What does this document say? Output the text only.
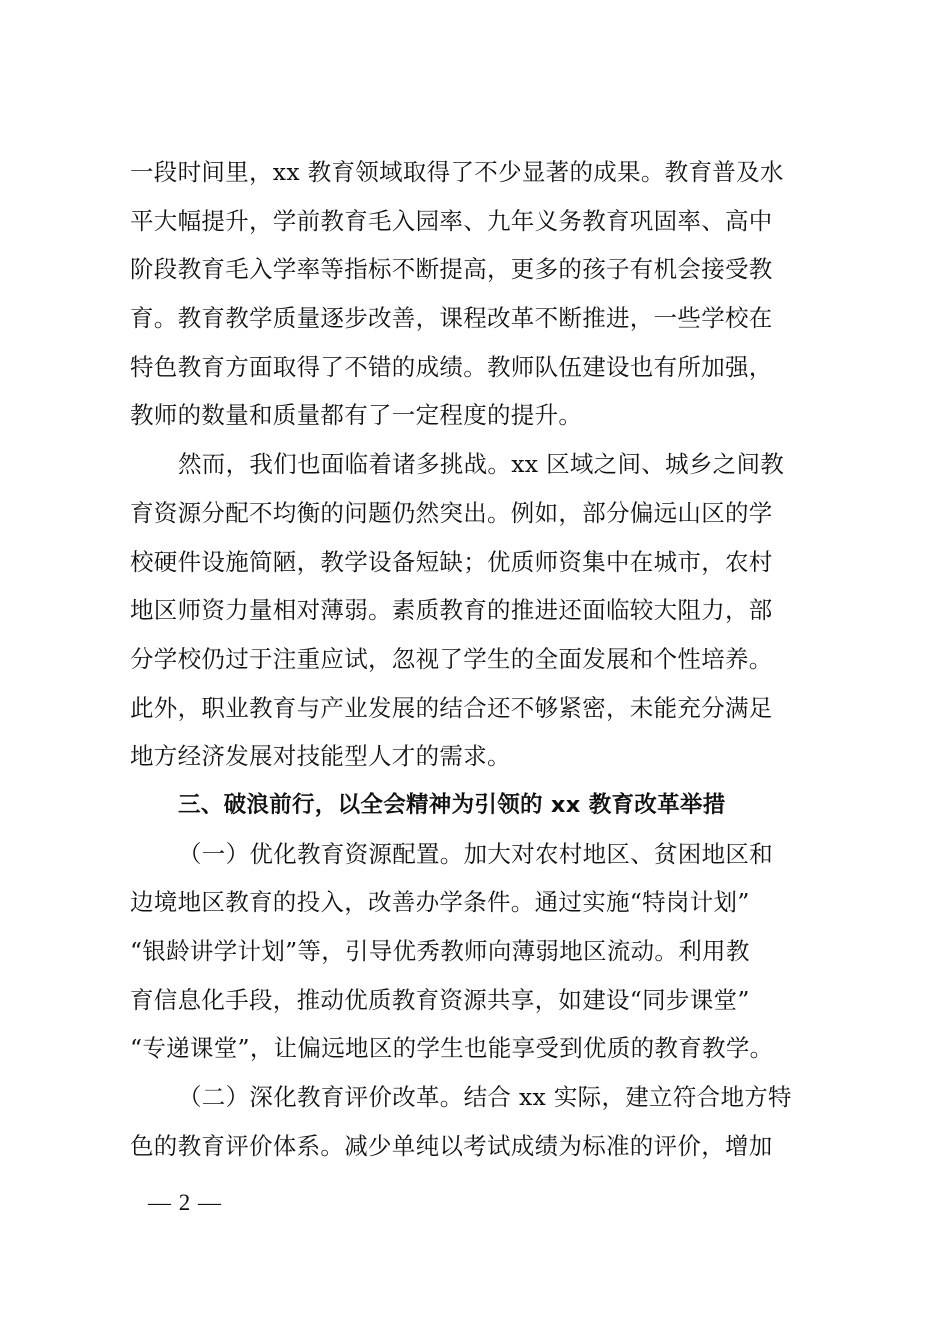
一段时间里，xx 教育领域取得了不少显著的成果。教育普及水
平大幅提升，学前教育毛入园率、九年义务教育巩固率、高中
阶段教育毛入学率等指标不断提高，更多的孩子有机会接受教
育。教育教学质量逐步改善，课程改革不断推进，一些学校在
特色教育方面取得了不错的成绩。教师队伍建设也有所加强，
教师的数量和质量都有了一定程度的提升。
然而，我们也面临着诸多挑战。xx 区域之间、城乡之间教
育资源分配不均衡的问题仍然突出。例如，部分偏远山区的学
校硬件设施简陋，教学设备短缺；优质师资集中在城市，农村
地区师资力量相对薄弱。素质教育的推进还面临较大阻力，部
分学校仍过于注重应试，忽视了学生的全面发展和个性培养。
此外，职业教育与产业发展的结合还不够紧密，未能充分满足
地方经济发展对技能型人才的需求。
三、破浪前行，以全会精神为引领的 xx 教育改革举措
（一）优化教育资源配置。加大对农村地区、贫困地区和
边境地区教育的投入，改善办学条件。通过实施“特岗计划”
“银龄讲学计划”等，引导优秀教师向薄弱地区流动。利用教
育信息化手段，推动优质教育资源共享，如建设“同步课堂”
“专递课堂”，让偏远地区的学生也能享受到优质的教育教学。
（二）深化教育评价改革。结合 xx 实际，建立符合地方特
色的教育评价体系。减少单纯以考试成绩为标准的评价，增加
— 2 —
